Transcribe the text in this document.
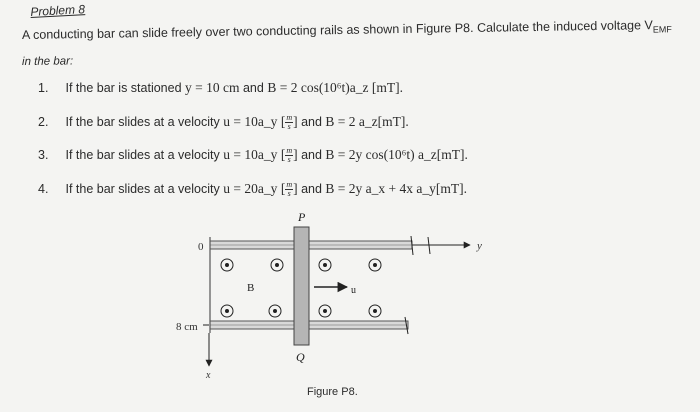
Problem 8
A conducting bar can slide freely over two conducting rails as shown in Figure P8. Calculate the induced voltage $V_{EMF}$
in the bar:
1. If the bar is stationed y = 10 cm and B = 2 cos(10⁶t)a_z [mT].
2. If the bar slides at a velocity u = 10a_y [ $\frac{m}{s}$ ] and B = 2 a_z[mT].
3. If the bar slides at a velocity u = 10a_y [ $\frac{m}{s}$ ] and B = 2y cos(10⁶t) a_z[mT].
4. If the bar slides at a velocity u = 20a_y [ $\frac{m}{s}$ ] and B = 2y a_x + 4x a_y[mT].
P
Q
0	y
x
B	u
8 cm
Figure P8.
